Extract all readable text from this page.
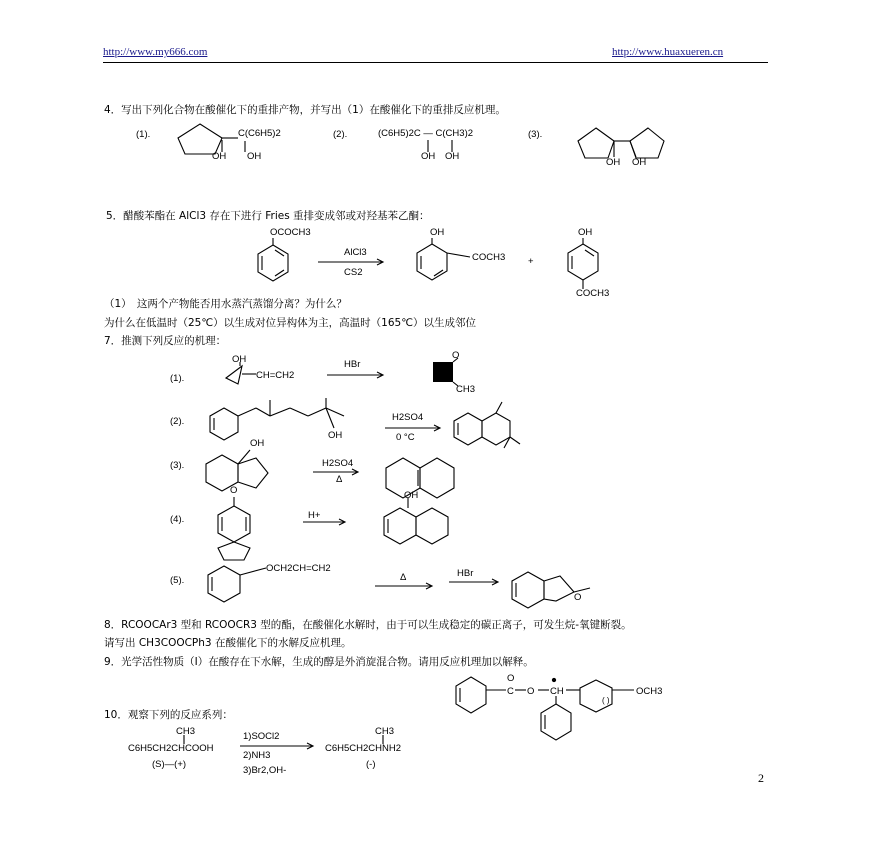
http://www.my666.com	http://www.huaxueren.cn
4．写出下列化合物在酸催化下的重排产物，并写出（1）在酸催化下的重排反应机理。
(1).	(2).	(3).
C(C6H5)2
OH OH
(C6H5)2C — C(CH3)2
OH OH
OH OH
5．醋酸苯酯在 AlCl3 存在下进行 Fries 重排变成邻或对羟基苯乙酮：
OCOCH3
AlCl3
CS2
OH
COCH3 +
OH
COCH3
（1）　这两个产物能否用水蒸汽蒸馏分离？为什么？
为什么在低温时（25℃）以生成对位异构体为主，高温时（165℃）以生成邻位
7．推测下列反应的机理：
(1).
OH
CH=CH2
HBr
O
CH3
(2).
OH
H2SO4
0 °C
(3).
OH
H2SO4
Δ
(4).
O	OH
H+
(5).
OCH2CH=CH2
Δ	HBr
O
8．RCOOCAr3 型和 RCOOCR3 型的酯，在酸催化水解时，由于可以生成稳定的碳正离子，可发生烷-氧键断裂。
请写出 CH3COOCPh3 在酸催化下的水解反应机理。
9．光学活性物质（Ⅰ）在酸存在下水解，生成的醇是外消旋混合物。请用反应机理加以解释。
O
C O CH	OCH3
( )
10．观察下列的反应系列：
CH3
C6H5CH2CHCOOH
(S)—(+)
1)SOCl2
2)NH3
3)Br2,OH-
CH3
C6H5CH2CHNH2
(-)
2
